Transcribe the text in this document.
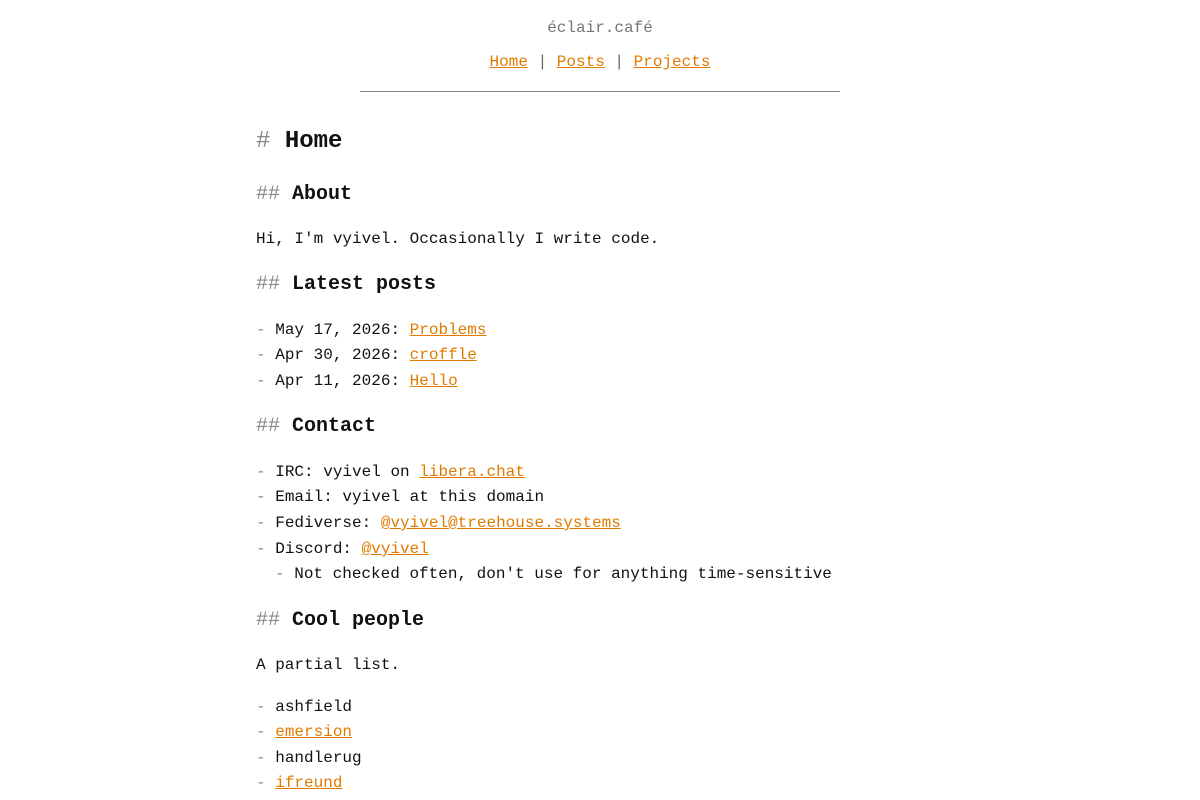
éclair.café
Home | Posts | Projects
# Home
## About
Hi, I'm vyivel. Occasionally I write code.
## Latest posts
- May 17, 2026: Problems
- Apr 30, 2026: croffle
- Apr 11, 2026: Hello
## Contact
- IRC: vyivel on libera.chat
- Email: vyivel at this domain
- Fediverse: @vyivel@treehouse.systems
- Discord: @vyivel
- Not checked often, don't use for anything time-sensitive
## Cool people
A partial list.
- ashfield
- emersion
- handlerug
- ifreund
